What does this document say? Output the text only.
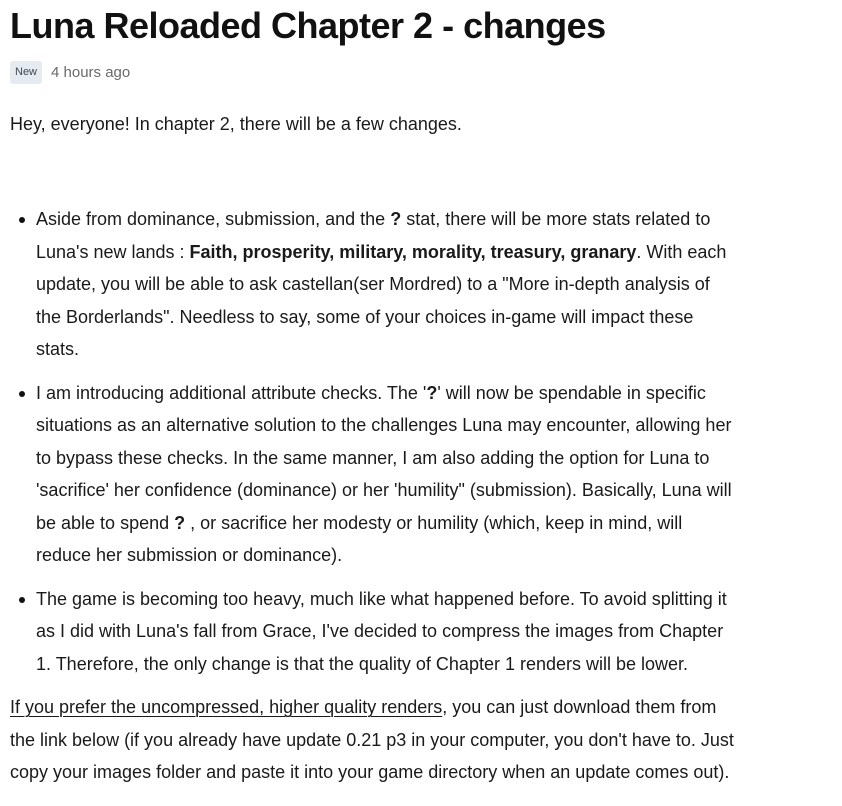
Luna Reloaded Chapter 2 - changes
New 4 hours ago

Hey, everyone! In chapter 2, there will be a few changes.

Aside from dominance, submission, and the ? stat, there will be more stats related to
Luna's new lands : Faith, prosperity, military, morality, treasury, granary. With each
update, you will be able to ask castellan(ser Mordred) to a "More in-depth analysis of
the Borderlands". Needless to say, some of your choices in-game will impact these
stats.
I am introducing additional attribute checks. The '?' will now be spendable in specific
situations as an alternative solution to the challenges Luna may encounter, allowing her
to bypass these checks. In the same manner, I am also adding the option for Luna to
'sacrifice' her confidence (dominance) or her 'humility" (submission). Basically, Luna will
be able to spend ? , or sacrifice her modesty or humility (which, keep in mind, will
reduce her submission or dominance).
The game is becoming too heavy, much like what happened before. To avoid splitting it
as I did with Luna's fall from Grace, I've decided to compress the images from Chapter
1. Therefore, the only change is that the quality of Chapter 1 renders will be lower.

If you prefer the uncompressed, higher quality renders, you can just download them from
the link below (if you already have update 0.21 p3 in your computer, you don't have to. Just
copy your images folder and paste it into your game directory when an update comes out).
